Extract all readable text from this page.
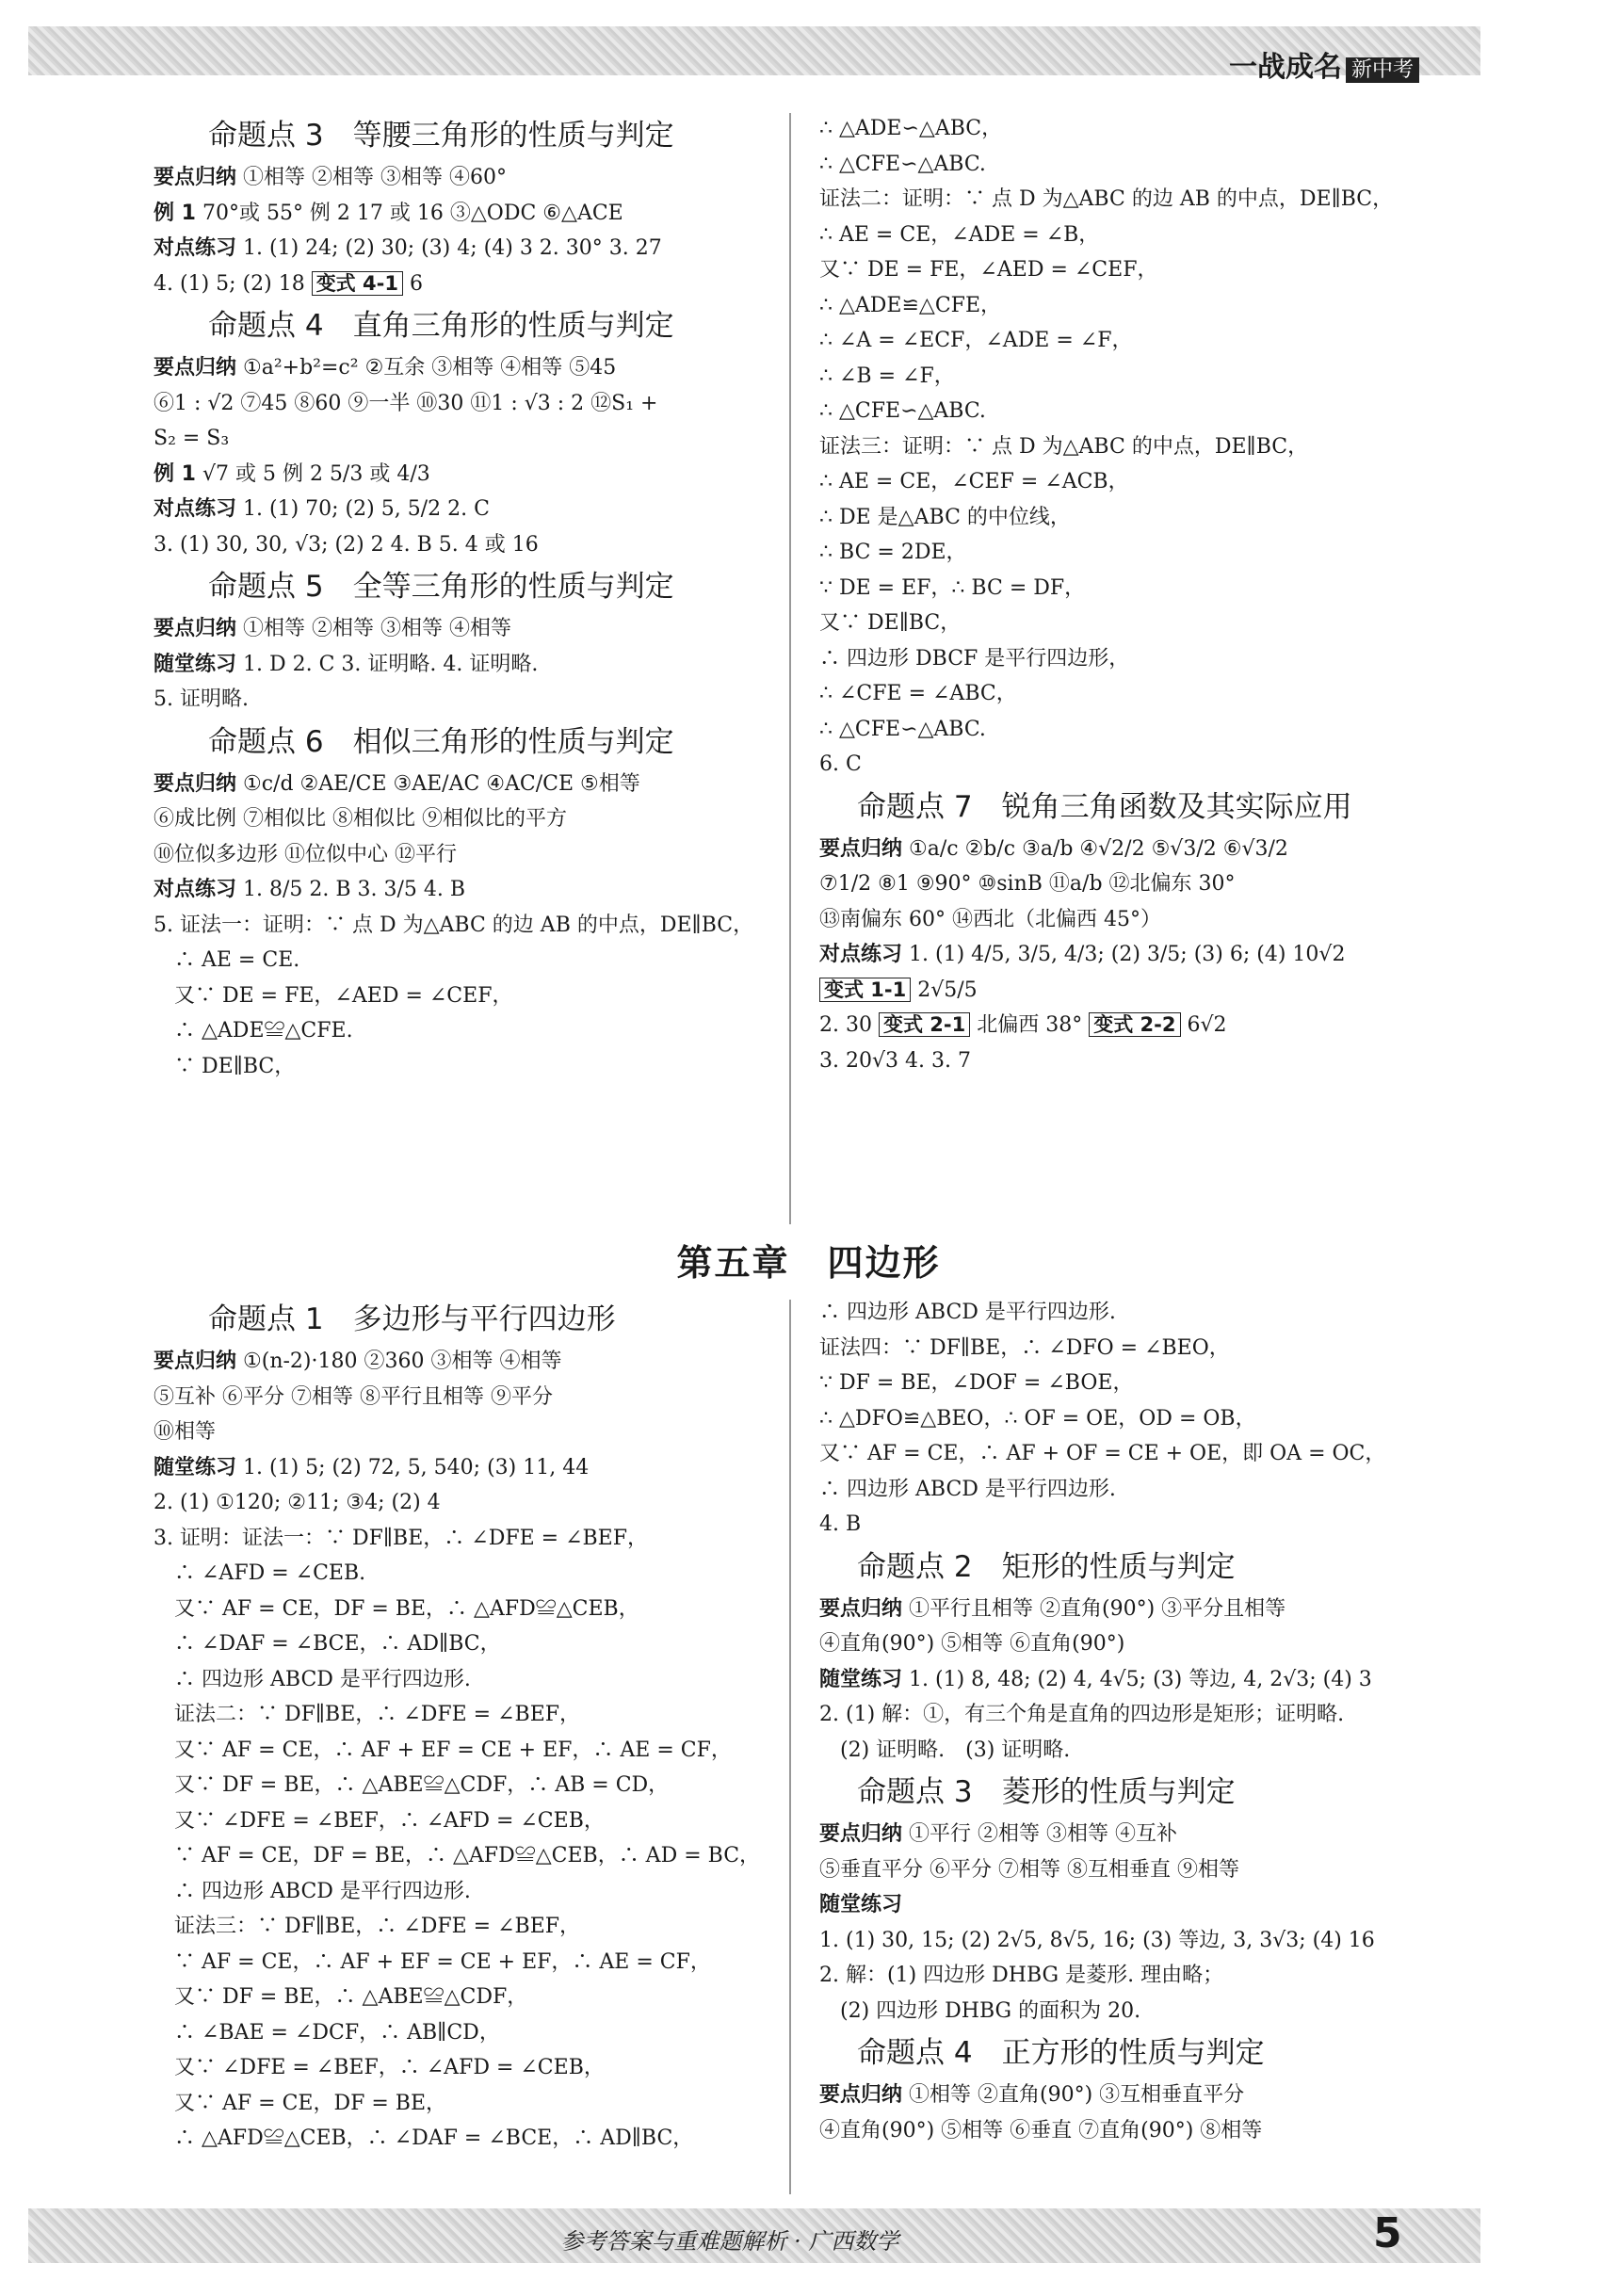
一战成名 新中考
命题点 3　等腰三角形的性质与判定
要点归纳 ①相等 ②相等 ③相等 ④60°
例 1 70°或 55° 例 2 17 或 16 ③△ODC ⑥△ACE
对点练习 1. (1) 24; (2) 30; (3) 4; (4) 3 2. 30° 3. 27
4. (1) 5; (2) 18 变式 4-1 6
命题点 4　直角三角形的性质与判定
要点归纳 ①a²+b²=c² ②互余 ③相等 ④相等 ⑤45
⑥1 : √2 ⑦45 ⑧60 ⑨一半 ⑩30 ⑪1 : √3 : 2 ⑫S₁ +
S₂ = S₃
例 1 √7 或 5 例 2 5/3 或 4/3
对点练习 1. (1) 70; (2) 5, 5/2 2. C
3. (1) 30, 30, √3; (2) 2 4. B 5. 4 或 16
命题点 5　全等三角形的性质与判定
要点归纳 ①相等 ②相等 ③相等 ④相等
随堂练习 1. D 2. C 3. 证明略. 4. 证明略.
5. 证明略.
命题点 6　相似三角形的性质与判定
要点归纳 ①c/d ②AE/CE ③AE/AC ④AC/CE ⑤相等
⑥成比例 ⑦相似比 ⑧相似比 ⑨相似比的平方
⑩位似多边形 ⑪位似中心 ⑫平行
对点练习 1. 8/5 2. B 3. 3/5 4. B
5. 证法一：证明：∵ 点 D 为△ABC 的边 AB 的中点，DE∥BC，
　∴ AE = CE.
　又∵ DE = FE，∠AED = ∠CEF，
　∴ △ADE≌△CFE.
　∵ DE∥BC，
∴ △ADE∽△ABC，
∴ △CFE∽△ABC.
证法二：证明：∵ 点 D 为△ABC 的边 AB 的中点，DE∥BC，
∴ AE = CE，∠ADE = ∠B，
又∵ DE = FE，∠AED = ∠CEF，
∴ △ADE≌△CFE，
∴ ∠A = ∠ECF，∠ADE = ∠F，
∴ ∠B = ∠F，
∴ △CFE∽△ABC.
证法三：证明：∵ 点 D 为△ABC 的中点，DE∥BC，
∴ AE = CE，∠CEF = ∠ACB，
∴ DE 是△ABC 的中位线，
∴ BC = 2DE，
∵ DE = EF，∴ BC = DF，
又∵ DE∥BC，
∴ 四边形 DBCF 是平行四边形，
∴ ∠CFE = ∠ABC，
∴ △CFE∽△ABC.
6. C
命题点 7　锐角三角函数及其实际应用
要点归纳 ①a/c ②b/c ③a/b ④√2/2 ⑤√3/2 ⑥√3/2
⑦1/2 ⑧1 ⑨90° ⑩sinB ⑪a/b ⑫北偏东 30°
⑬南偏东 60° ⑭西北（北偏西 45°）
对点练习 1. (1) 4/5, 3/5, 4/3; (2) 3/5; (3) 6; (4) 10√2
变式 1-1 2√5/5
2. 30 变式 2-1 北偏西 38° 变式 2-2 6√2
3. 20√3 4. 3. 7
第五章　四边形
命题点 1　多边形与平行四边形
要点归纳 ①(n-2)·180 ②360 ③相等 ④相等
⑤互补 ⑥平分 ⑦相等 ⑧平行且相等 ⑨平分
⑩相等
随堂练习 1. (1) 5; (2) 72, 5, 540; (3) 11, 44
2. (1) ①120; ②11; ③4; (2) 4
3. 证明：证法一：∵ DF∥BE，∴ ∠DFE = ∠BEF，
　∴ ∠AFD = ∠CEB.
　又∵ AF = CE，DF = BE，∴ △AFD≌△CEB，
　∴ ∠DAF = ∠BCE，∴ AD∥BC，
　∴ 四边形 ABCD 是平行四边形.
　证法二：∵ DF∥BE，∴ ∠DFE = ∠BEF，
　又∵ AF = CE，∴ AF + EF = CE + EF，∴ AE = CF，
　又∵ DF = BE，∴ △ABE≌△CDF，∴ AB = CD，
　又∵ ∠DFE = ∠BEF，∴ ∠AFD = ∠CEB，
　∵ AF = CE，DF = BE，∴ △AFD≌△CEB，∴ AD = BC，
　∴ 四边形 ABCD 是平行四边形.
　证法三：∵ DF∥BE，∴ ∠DFE = ∠BEF，
　∵ AF = CE，∴ AF + EF = CE + EF，∴ AE = CF，
　又∵ DF = BE，∴ △ABE≌△CDF，
　∴ ∠BAE = ∠DCF，∴ AB∥CD，
　又∵ ∠DFE = ∠BEF，∴ ∠AFD = ∠CEB，
　又∵ AF = CE，DF = BE，
　∴ △AFD≌△CEB，∴ ∠DAF = ∠BCE，∴ AD∥BC，
∴ 四边形 ABCD 是平行四边形.
证法四：∵ DF∥BE，∴ ∠DFO = ∠BEO，
∵ DF = BE，∠DOF = ∠BOE，
∴ △DFO≌△BEO，∴ OF = OE，OD = OB，
又∵ AF = CE，∴ AF + OF = CE + OE，即 OA = OC，
∴ 四边形 ABCD 是平行四边形.
4. B
命题点 2　矩形的性质与判定
要点归纳 ①平行且相等 ②直角(90°) ③平分且相等
④直角(90°) ⑤相等 ⑥直角(90°)
随堂练习 1. (1) 8, 48; (2) 4, 4√5; (3) 等边, 4, 2√3; (4) 3
2. (1) 解：①，有三个角是直角的四边形是矩形；证明略.
　(2) 证明略.　(3) 证明略.
命题点 3　菱形的性质与判定
要点归纳 ①平行 ②相等 ③相等 ④互补
⑤垂直平分 ⑥平分 ⑦相等 ⑧互相垂直 ⑨相等
随堂练习
1. (1) 30, 15; (2) 2√5, 8√5, 16; (3) 等边, 3, 3√3; (4) 16
2. 解：(1) 四边形 DHBG 是菱形. 理由略；
　(2) 四边形 DHBG 的面积为 20.
命题点 4　正方形的性质与判定
要点归纳 ①相等 ②直角(90°) ③互相垂直平分
④直角(90°) ⑤相等 ⑥垂直 ⑦直角(90°) ⑧相等
参考答案与重难题解析 · 广西数学	5
